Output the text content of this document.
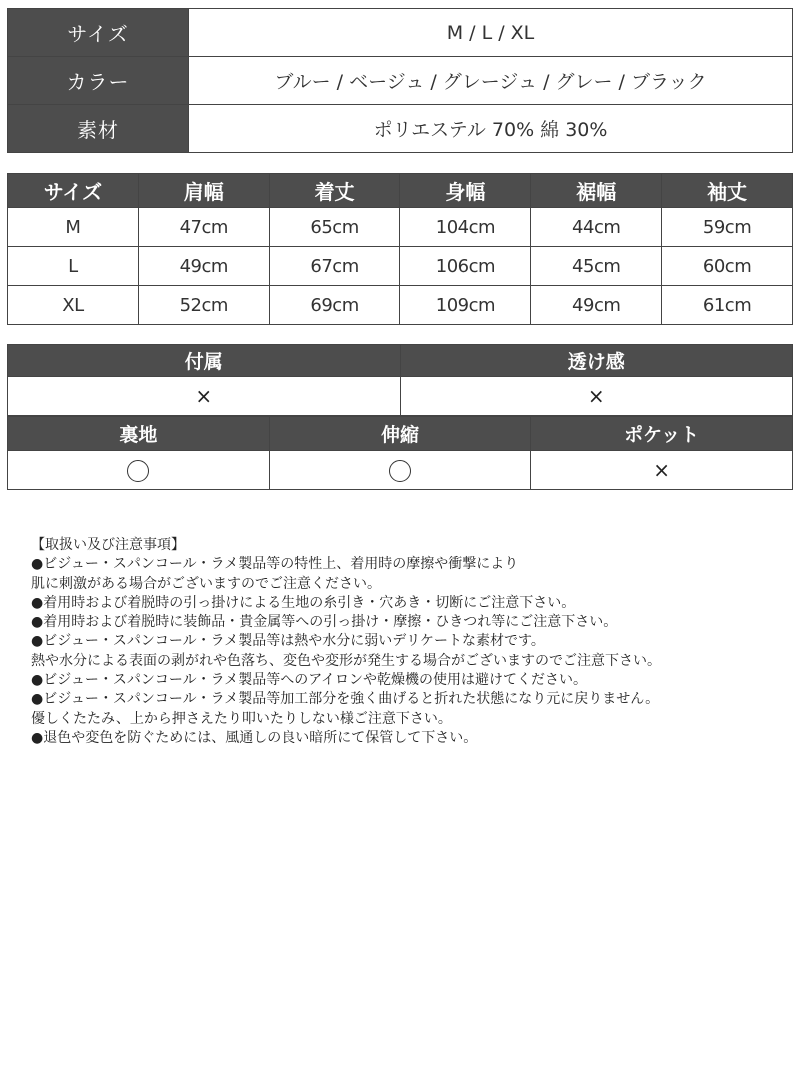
サイズ	M / L / XL
カラー	ブルー / ベージュ / グレージュ / グレー / ブラック
素材	ポリエステル 70% 綿 30%
サイズ	肩幅	着丈	身幅	裾幅	袖丈
M	47cm	65cm	104cm	44cm	59cm
L	49cm	67cm	106cm	45cm	60cm
XL	52cm	69cm	109cm	49cm	61cm
付属	透け感
×	×
裏地	伸縮	ポケット
		×
【取扱い及び注意事項】
●ビジュー・スパンコール・ラメ製品等の特性上、着用時の摩擦や衝撃により
肌に刺激がある場合がございますのでご注意ください。
●着用時および着脱時の引っ掛けによる生地の糸引き・穴あき・切断にご注意下さい。
●着用時および着脱時に装飾品・貴金属等への引っ掛け・摩擦・ひきつれ等にご注意下さい。
●ビジュー・スパンコール・ラメ製品等は熱や水分に弱いデリケートな素材です。
熱や水分による表面の剥がれや色落ち、変色や変形が発生する場合がございますのでご注意下さい。
●ビジュー・スパンコール・ラメ製品等へのアイロンや乾燥機の使用は避けてください。
●ビジュー・スパンコール・ラメ製品等加工部分を強く曲げると折れた状態になり元に戻りません。
優しくたたみ、上から押さえたり叩いたりしない様ご注意下さい。
●退色や変色を防ぐためには、風通しの良い暗所にて保管して下さい。
